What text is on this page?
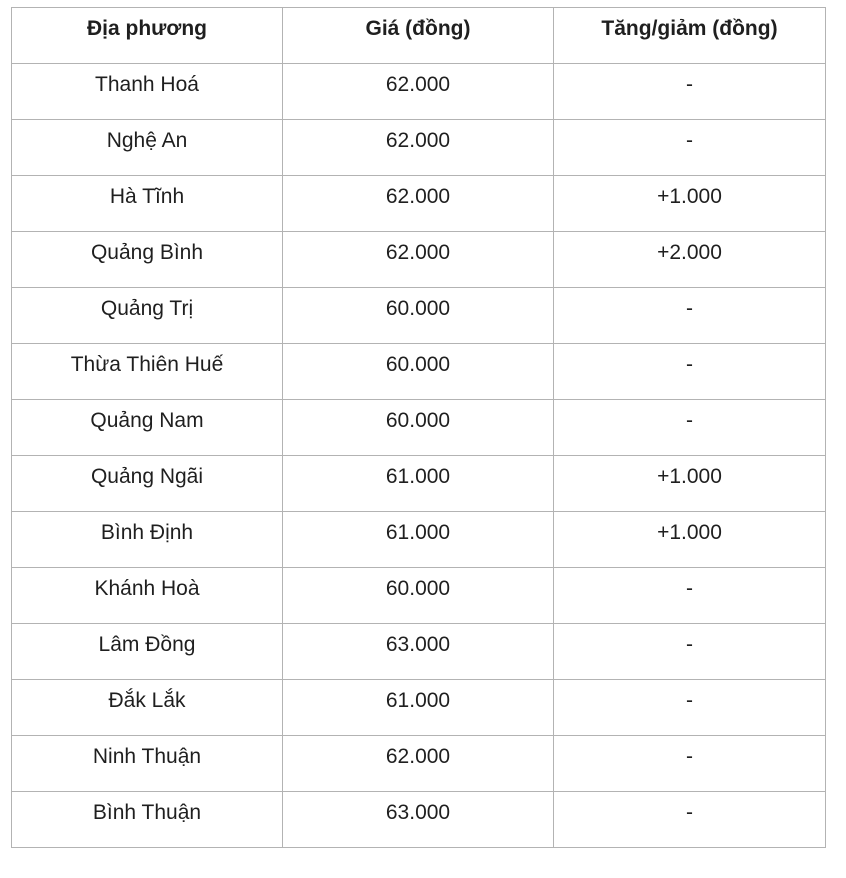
Địa phương	Giá (đồng)	Tăng/giảm (đồng)
Thanh Hoá	62.000	-
Nghệ An	62.000	-
Hà Tĩnh	62.000	+1.000
Quảng Bình	62.000	+2.000
Quảng Trị	60.000	-
Thừa Thiên Huế	60.000	-
Quảng Nam	60.000	-
Quảng Ngãi	61.000	+1.000
Bình Định	61.000	+1.000
Khánh Hoà	60.000	-
Lâm Đồng	63.000	-
Đắk Lắk	61.000	-
Ninh Thuận	62.000	-
Bình Thuận	63.000	-
